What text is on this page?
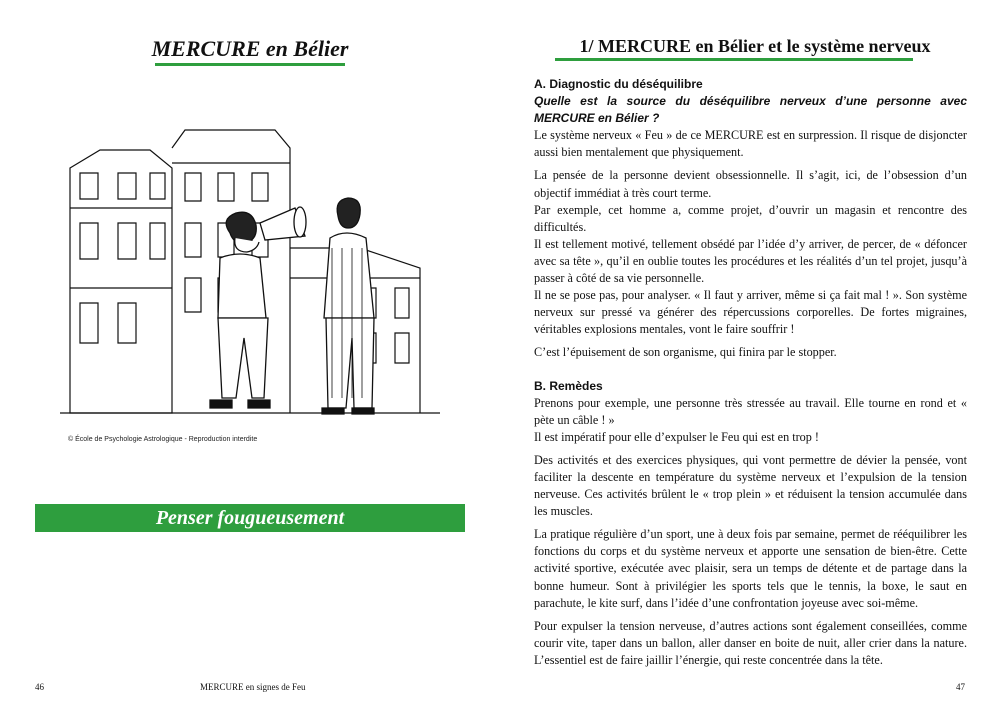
MERCURE en Bélier
© École de Psychologie Astrologique - Reproduction interdite
Penser fougueusement
1/ MERCURE en Bélier et le système nerveux

A. Diagnostic du déséquilibre

Quelle est la source du déséquilibre nerveux d’une personne avec MERCURE en Bélier ?

Le système nerveux « Feu » de ce MERCURE est en surpression. Il risque de disjoncter aussi bien mentalement que physiquement.

La pensée de la personne devient obsessionnelle. Il s’agit, ici, de l’obsession d’un objectif immédiat à très court terme.

Par exemple, cet homme a, comme projet, d’ouvrir un magasin et rencontre des difficultés.

Il est tellement motivé, tellement obsédé par l’idée d’y arriver, de percer, de « défoncer avec sa tête », qu’il en oublie toutes les procédures et les réalités d’un tel projet, jusqu’à passer à côté de sa vie personnelle.

Il ne se pose pas, pour analyser. « Il faut y arriver, même si ça fait mal ! ». Son système nerveux sur pressé va générer des répercussions corporelles. De fortes migraines, véritables explosions mentales, vont le faire souffrir !

C’est l’épuisement de son organisme, qui finira par le stopper.

B. Remèdes

Prenons pour exemple, une personne très stressée au travail. Elle tourne en rond et « pète un câble ! »

Il est impératif pour elle d’expulser le Feu qui est en trop !

Des activités et des exercices physiques, qui vont permettre de dévier la pensée, vont faciliter la descente en température du système nerveux et l’expulsion de la tension nerveuse. Ces activités brûlent le « trop plein » et réduisent la tension accumulée dans les muscles.

La pratique régulière d’un sport, une à deux fois par semaine, permet de rééquilibrer les fonctions du corps et du système nerveux et apporte une sensation de bien-être. Cette activité sportive, exécutée avec plaisir, sera un temps de détente et de partage dans la bonne humeur. Sont à privilégier les sports tels que le tennis, la boxe, le saut en parachute, le kite surf, dans l’idée d’une confrontation joyeuse avec soi-même.

Pour expulser la tension nerveuse, d’autres actions sont également conseillées, comme courir vite, taper dans un ballon, aller danser en boite de nuit, aller crier dans la nature. L’essentiel est de faire jaillir l’énergie, qui reste concentrée dans la tête.

46	MERCURE en signes de Feu	47
